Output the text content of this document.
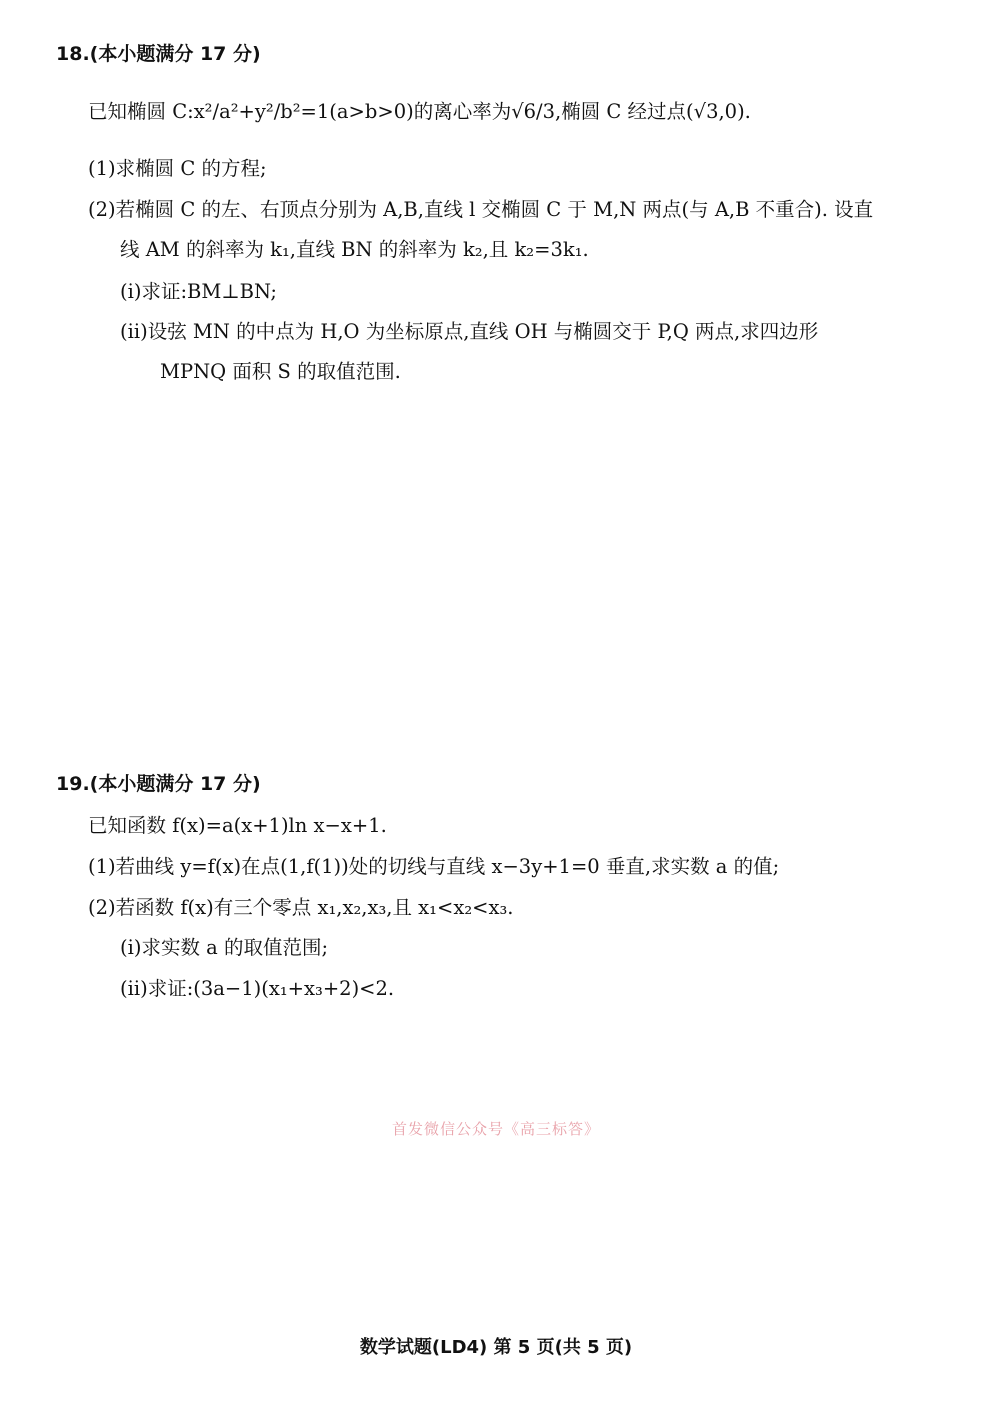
18.(本小题满分 17 分)
已知椭圆 C:x²/a²+y²/b²=1(a>b>0)的离心率为√6/3,椭圆 C 经过点(√3,0).
(1)求椭圆 C 的方程;
(2)若椭圆 C 的左、右顶点分别为 A,B,直线 l 交椭圆 C 于 M,N 两点(与 A,B 不重合). 设直
线 AM 的斜率为 k₁,直线 BN 的斜率为 k₂,且 k₂=3k₁.
(ⅰ)求证:BM⊥BN;
(ⅱ)设弦 MN 的中点为 H,O 为坐标原点,直线 OH 与椭圆交于 P,Q 两点,求四边形
MPNQ 面积 S 的取值范围.
19.(本小题满分 17 分)
已知函数 f(x)=a(x+1)ln x−x+1.
(1)若曲线 y=f(x)在点(1,f(1))处的切线与直线 x−3y+1=0 垂直,求实数 a 的值;
(2)若函数 f(x)有三个零点 x₁,x₂,x₃,且 x₁<x₂<x₃.
(ⅰ)求实数 a 的取值范围;
(ⅱ)求证:(3a−1)(x₁+x₃+2)<2.
首发微信公众号《高三标答》
数学试题(LD4) 第 5 页(共 5 页)
